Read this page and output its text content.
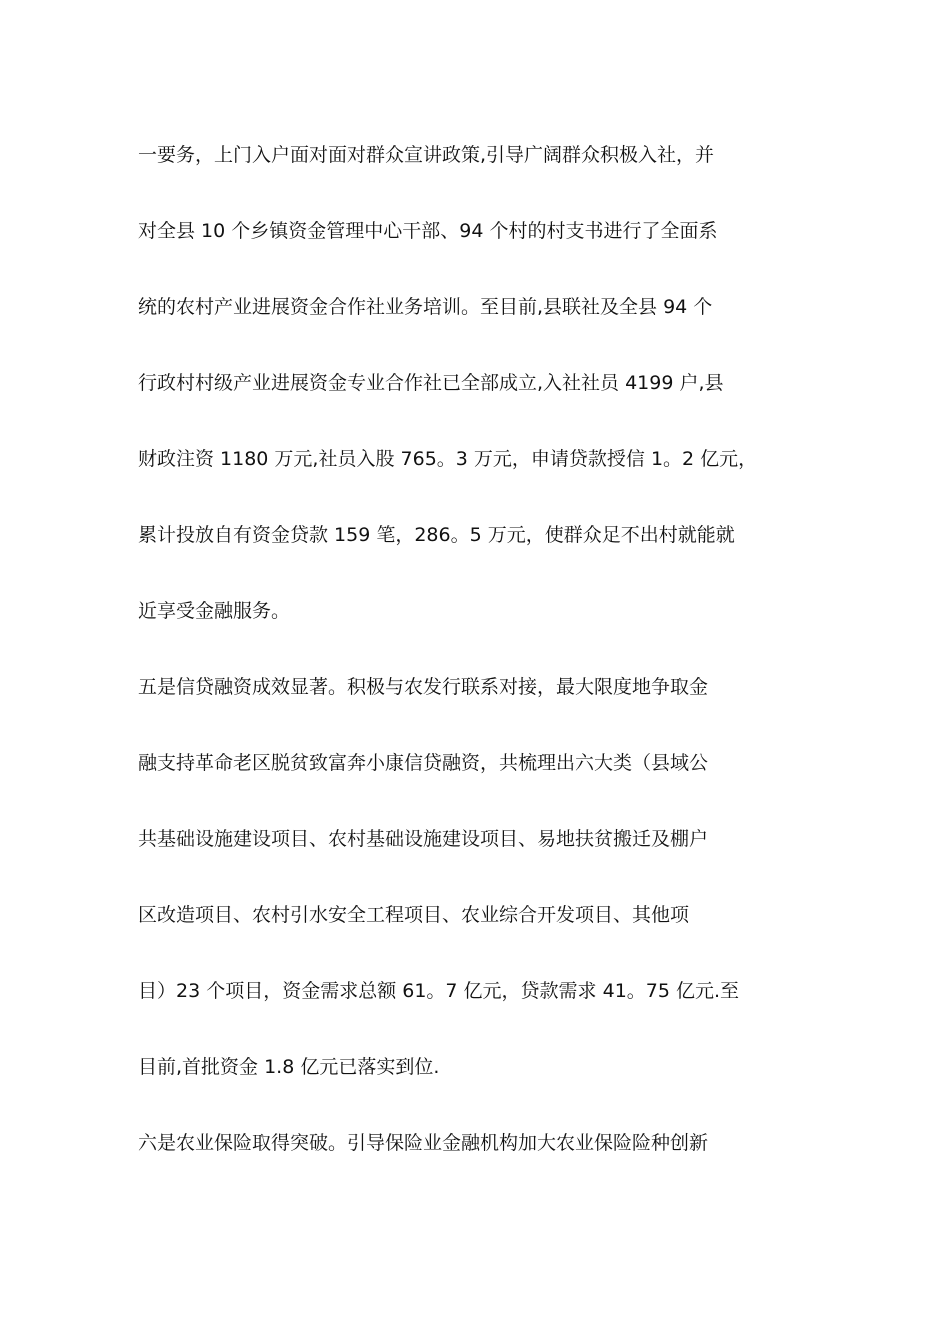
一要务，上门入户面对面对群众宣讲政策,引导广阔群众积极入社，并
对全县 10 个乡镇资金管理中心干部、94 个村的村支书进行了全面系
统的农村产业进展资金合作社业务培训。至目前,县联社及全县 94 个
行政村村级产业进展资金专业合作社已全部成立,入社社员 4199 户,县
财政注资 1180 万元,社员入股 765。3 万元，申请贷款授信 1。2 亿元，
累计投放自有资金贷款 159 笔，286。5 万元，使群众足不出村就能就
近享受金融服务。
五是信贷融资成效显著。积极与农发行联系对接，最大限度地争取金
融支持革命老区脱贫致富奔小康信贷融资，共梳理出六大类（县域公
共基础设施建设项目、农村基础设施建设项目、易地扶贫搬迁及棚户
区改造项目、农村引水安全工程项目、农业综合开发项目、其他项
目）23 个项目，资金需求总额 61。7 亿元，贷款需求 41。75 亿元.至
目前,首批资金 1.8 亿元已落实到位.
六是农业保险取得突破。引导保险业金融机构加大农业保险险种创新
